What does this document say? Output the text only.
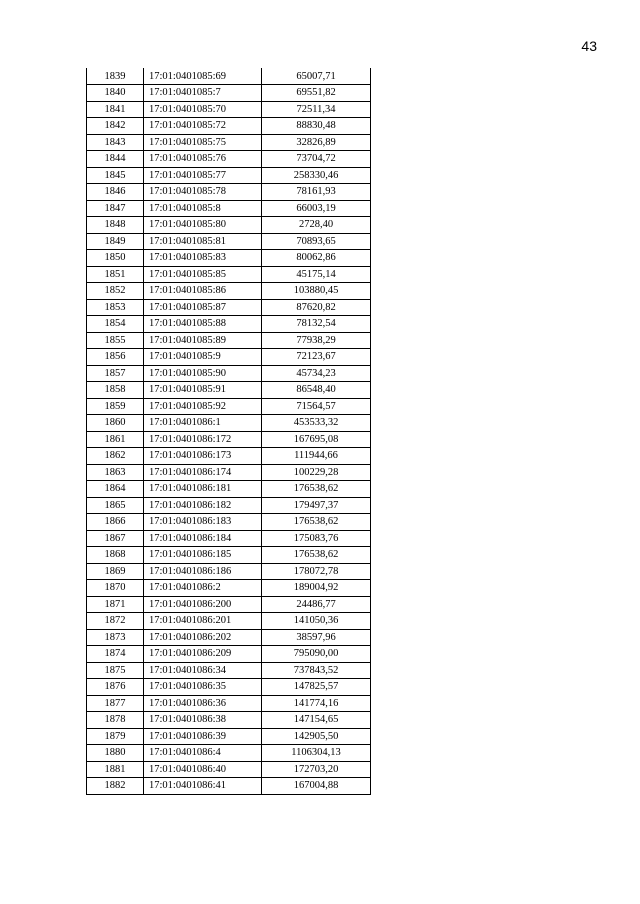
43
1839	17:01:0401085:69	65007,71
1840	17:01:0401085:7	69551,82
1841	17:01:0401085:70	72511,34
1842	17:01:0401085:72	88830,48
1843	17:01:0401085:75	32826,89
1844	17:01:0401085:76	73704,72
1845	17:01:0401085:77	258330,46
1846	17:01:0401085:78	78161,93
1847	17:01:0401085:8	66003,19
1848	17:01:0401085:80	2728,40
1849	17:01:0401085:81	70893,65
1850	17:01:0401085:83	80062,86
1851	17:01:0401085:85	45175,14
1852	17:01:0401085:86	103880,45
1853	17:01:0401085:87	87620,82
1854	17:01:0401085:88	78132,54
1855	17:01:0401085:89	77938,29
1856	17:01:0401085:9	72123,67
1857	17:01:0401085:90	45734,23
1858	17:01:0401085:91	86548,40
1859	17:01:0401085:92	71564,57
1860	17:01:0401086:1	453533,32
1861	17:01:0401086:172	167695,08
1862	17:01:0401086:173	111944,66
1863	17:01:0401086:174	100229,28
1864	17:01:0401086:181	176538,62
1865	17:01:0401086:182	179497,37
1866	17:01:0401086:183	176538,62
1867	17:01:0401086:184	175083,76
1868	17:01:0401086:185	176538,62
1869	17:01:0401086:186	178072,78
1870	17:01:0401086:2	189004,92
1871	17:01:0401086:200	24486,77
1872	17:01:0401086:201	141050,36
1873	17:01:0401086:202	38597,96
1874	17:01:0401086:209	795090,00
1875	17:01:0401086:34	737843,52
1876	17:01:0401086:35	147825,57
1877	17:01:0401086:36	141774,16
1878	17:01:0401086:38	147154,65
1879	17:01:0401086:39	142905,50
1880	17:01:0401086:4	1106304,13
1881	17:01:0401086:40	172703,20
1882	17:01:0401086:41	167004,88
